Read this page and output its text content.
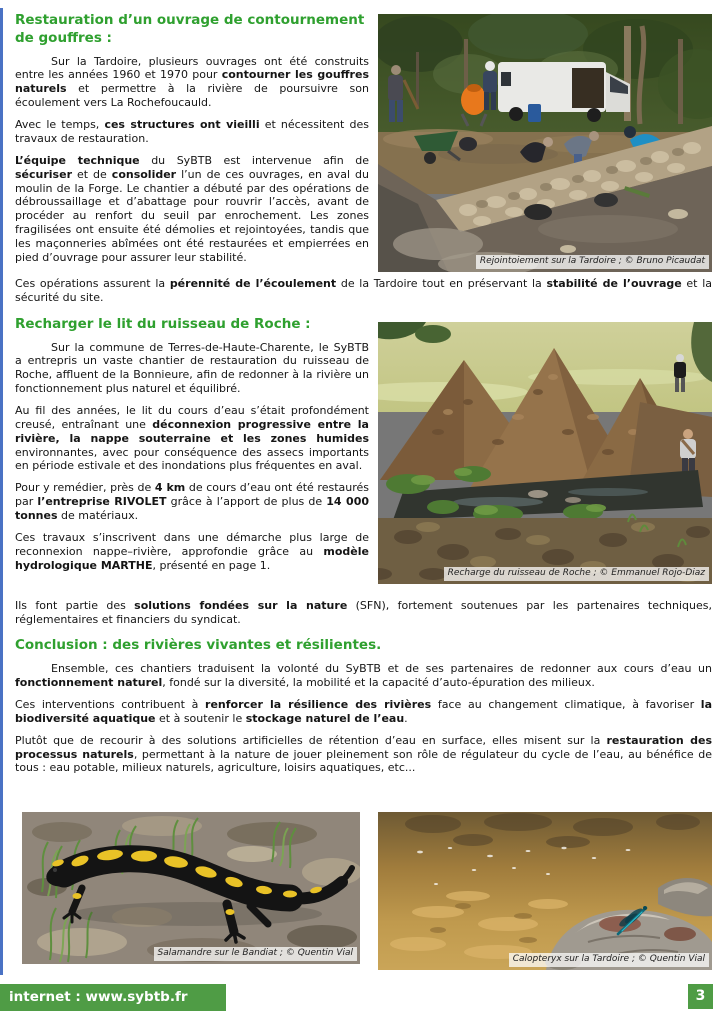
Rejointoiement sur la Tardoire ; © Bruno Picaudat
Restauration d’un ouvrage de contournement de gouffres :

Sur la Tardoire, plusieurs ouvrages ont été construits entre les années 1960 et 1970 pour contourner les gouffres naturels et permettre à la rivière de poursuivre son écoulement vers La Rochefoucauld.

Avec le temps, ces structures ont vieilli et nécessitent des travaux de restauration.

L’équipe technique du SyBTB est intervenue afin de sécuriser et de consolider l’un de ces ouvrages, en aval du moulin de la Forge. Le chantier a débuté par des opérations de débroussaillage et d’abattage pour rouvrir l’accès, avant de procéder au renfort du seuil par enrochement. Les zones fragilisées ont ensuite été démolies et rejointoyées, tandis que les maçonneries abîmées ont été restaurées et empierrées en pied d’ouvrage pour assurer leur stabilité.

Ces opérations assurent la pérennité de l’écoulement de la Tardoire tout en préservant la stabilité de l’ouvrage et la sécurité du site.

Recharge du ruisseau de Roche ; © Emmanuel Rojo-Diaz
Recharger le lit du ruisseau de Roche :

Sur la commune de Terres-de-Haute-Charente, le SyBTB a entrepris un vaste chantier de restauration du ruisseau de Roche, affluent de la Bonnieure, afin de redonner à la rivière un fonctionnement plus naturel et équilibré.

Au fil des années, le lit du cours d’eau s’était profondément creusé, entraînant une déconnexion progressive entre la rivière, la nappe souterraine et les zones humides environnantes, avec pour conséquence des assecs importants en période estivale et des inondations plus fréquentes en aval.

Pour y remédier, près de 4 km de cours d’eau ont été restaurés par l’entreprise RIVOLET grâce à l’apport de plus de 14 000 tonnes de matériaux.

Ces travaux s’inscrivent dans une démarche plus large de reconnexion nappe–rivière, approfondie grâce au modèle hydrologique MARTHE, présenté en page 1.

Ils font partie des solutions fondées sur la nature (SFN), fortement soutenues par les partenaires techniques, réglementaires et financiers du syndicat.

Conclusion : des rivières vivantes et résilientes.

Ensemble, ces chantiers traduisent la volonté du SyBTB et de ses partenaires de redonner aux cours d’eau un fonctionnement naturel, fondé sur la diversité, la mobilité et la capacité d’auto-épuration des milieux.

Ces interventions contribuent à renforcer la résilience des rivières face au changement climatique, à favoriser la biodiversité aquatique et à soutenir le stockage naturel de l’eau.

Plutôt que de recourir à des solutions artificielles de rétention d’eau en surface, elles misent sur la restauration des processus naturels, permettant à la nature de jouer pleinement son rôle de régulateur du cycle de l’eau, au bénéfice de tous : eau potable, milieux naturels, agriculture, loisirs aquatiques, etc...

Salamandre sur le Bandiat ; © Quentin Vial
Calopteryx sur la Tardoire ; © Quentin Vial
internet : www.sybtb.fr	3
